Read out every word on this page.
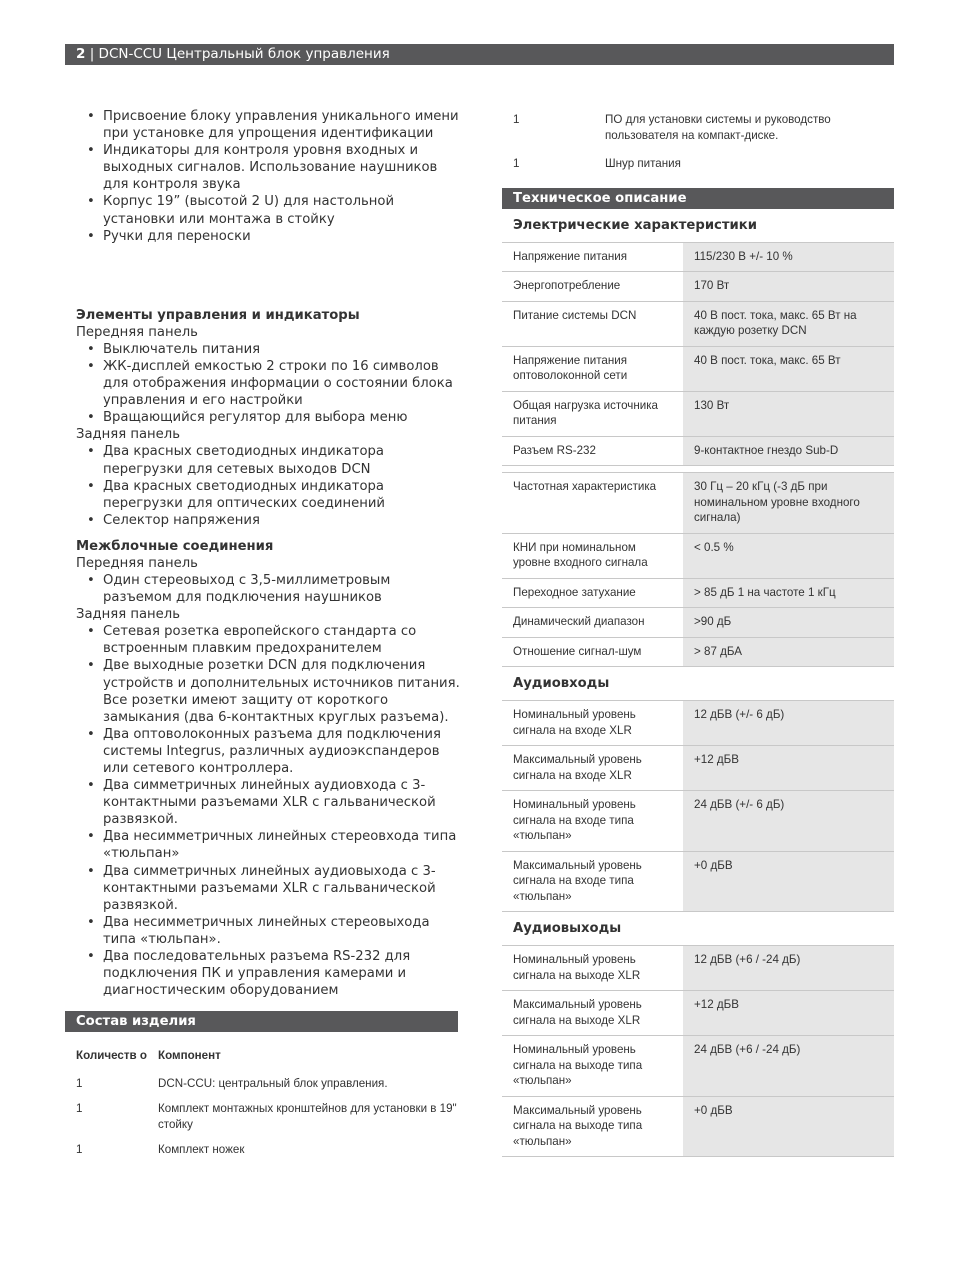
2 | DCN-CCU Центральный блок управления
• Присвоение блоку управления уникального имени при установке для упрощения идентификации
• Индикаторы для контроля уровня входных и выходных сигналов. Использование наушников для контроля звука
• Корпус 19” (высотой 2 U) для настольной установки или монтажа в стойку
• Ручки для переноски
Элементы управления и индикаторы
Передняя панель
• Выключатель питания
• ЖК-дисплей емкостью 2 строки по 16 символов для отображения информации о состоянии блока управления и его настройки
• Вращающийся регулятор для выбора меню
Задняя панель
• Два красных светодиодных индикатора перегрузки для сетевых выходов DCN
• Два красных светодиодных индикатора перегрузки для оптических соединений
• Селектор напряжения
Межблочные соединения
Передняя панель
• Один стереовыход с 3,5-миллиметровым разъемом для подключения наушников
Задняя панель
• Сетевая розетка европейского стандарта со встроенным плавким предохранителем
• Две выходные розетки DCN для подключения устройств и дополнительных источников питания. Все розетки имеют защиту от короткого замыкания (два 6-контактных круглых разъема).
• Два оптоволоконных разъема для подключения системы Integrus, различных аудиоэкспандеров или сетевого контроллера.
• Два симметричных линейных аудиовхода с 3-контактными разъемами XLR с гальванической развязкой.
• Два несимметричных линейных стереовхода типа «тюльпан»
• Два симметричных линейных аудиовыхода с 3-контактными разъемами XLR с гальванической развязкой.
• Два несимметричных линейных стереовыхода типа «тюльпан».
• Два последовательных разъема RS-232 для подключения ПК и управления камерами и диагностическим оборудованием
Состав изделия
Количеств о	Компонент
1	DCN-CCU: центральный блок управления.
1	Комплект монтажных кронштейнов для установки в 19" стойку
1	Комплект ножек
1	ПО для установки системы и руководство пользователя на компакт-диске.
1	Шнур питания
Техническое описание
Электрические характеристики
Напряжение питания	115/230 В +/- 10 %
Энергопотребление	170 Вт
Питание системы DCN	40 В пост. тока, макс. 65 Вт на каждую розетку DCN
Напряжение питания оптоволоконной сети	40 В пост. тока, макс. 65 Вт
Общая нагрузка источника питания	130 Вт
Разъем RS-232	9-контактное гнездо Sub-D

Частотная характеристика	30 Гц – 20 кГц (-3 дБ при номинальном уровне входного сигнала)
КНИ при номинальном уровне входного сигнала	< 0.5 %
Переходное затухание	> 85 дБ 1 на частоте 1 кГц
Динамический диапазон	>90 дБ
Отношение сигнал-шум	> 87 дБА
Аудиовходы
Номинальный уровень сигнала на входе XLR	12 дБВ (+/- 6 дБ)
Максимальный уровень сигнала на входе XLR	+12 дБВ
Номинальный уровень сигнала на входе типа «тюльпан»	24 дБВ (+/- 6 дБ)
Максимальный уровень сигнала на входе типа «тюльпан»	+0 дБВ
Аудиовыходы
Номинальный уровень сигнала на выходе XLR	12 дБВ (+6 / -24 дБ)
Максимальный уровень сигнала на выходе XLR	+12 дБВ
Номинальный уровень сигнала на выходе типа «тюльпан»	24 дБВ (+6 / -24 дБ)
Максимальный уровень сигнала на выходе типа «тюльпан»	+0 дБВ
